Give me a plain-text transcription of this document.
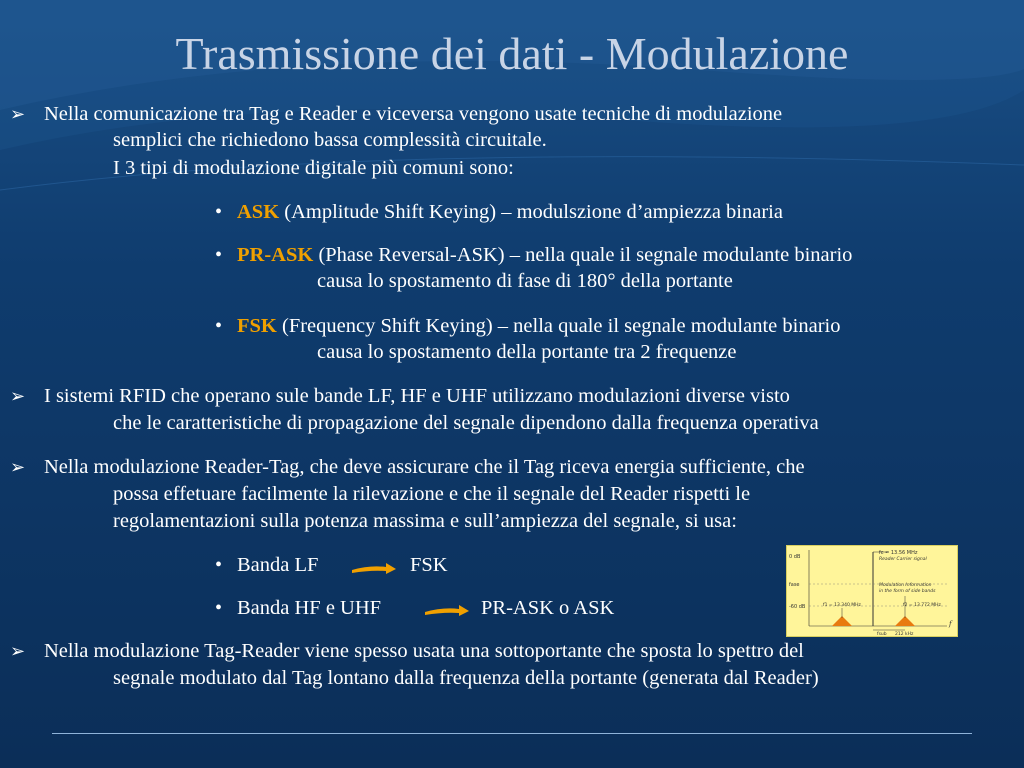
Trasmissione dei dati - Modulazione
➢ Nella comunicazione tra Tag e Reader e viceversa vengono usate tecniche di modulazione
semplici che richiedono bassa complessità circuitale.
I 3 tipi di modulazione digitale più comuni sono:
• ASK (Amplitude Shift Keying) – modulszione d’ampiezza binaria
• PR-ASK (Phase Reversal-ASK) – nella quale il segnale modulante binario
causa lo spostamento di fase di 180° della portante
• FSK (Frequency Shift Keying) – nella quale il segnale modulante binario
causa lo spostamento della portante tra 2 frequenze
➢ I sistemi RFID che operano sule bande LF, HF e UHF utilizzano modulazioni diverse visto
che le caratteristiche di propagazione del segnale dipendono dalla frequenza operativa
➢ Nella modulazione Reader-Tag, che deve assicurare che il Tag riceva energia sufficiente, che
possa effetuare facilmente la rilevazione e che il segnale del Reader rispetti le
regolamentazioni sulla potenza massima e sull’ampiezza del segnale, si usa:
• Banda LF	FSK
• Banda HF e UHF	PR-ASK o ASK
➢ Nella modulazione Tag-Reader viene spesso usata una sottoportante che sposta lo spettro del
segnale modulato dal Tag lontano dalla frequenza della portante (generata dal Reader)
0 dB
fase
-60 dB
fc = 13.56 MHz
Reader Carrier signal
Modulation Information
in the form of side bands
f1 = 13.340 MHz	f2 = 13.772 MHz
f
fsub 212 kHz
